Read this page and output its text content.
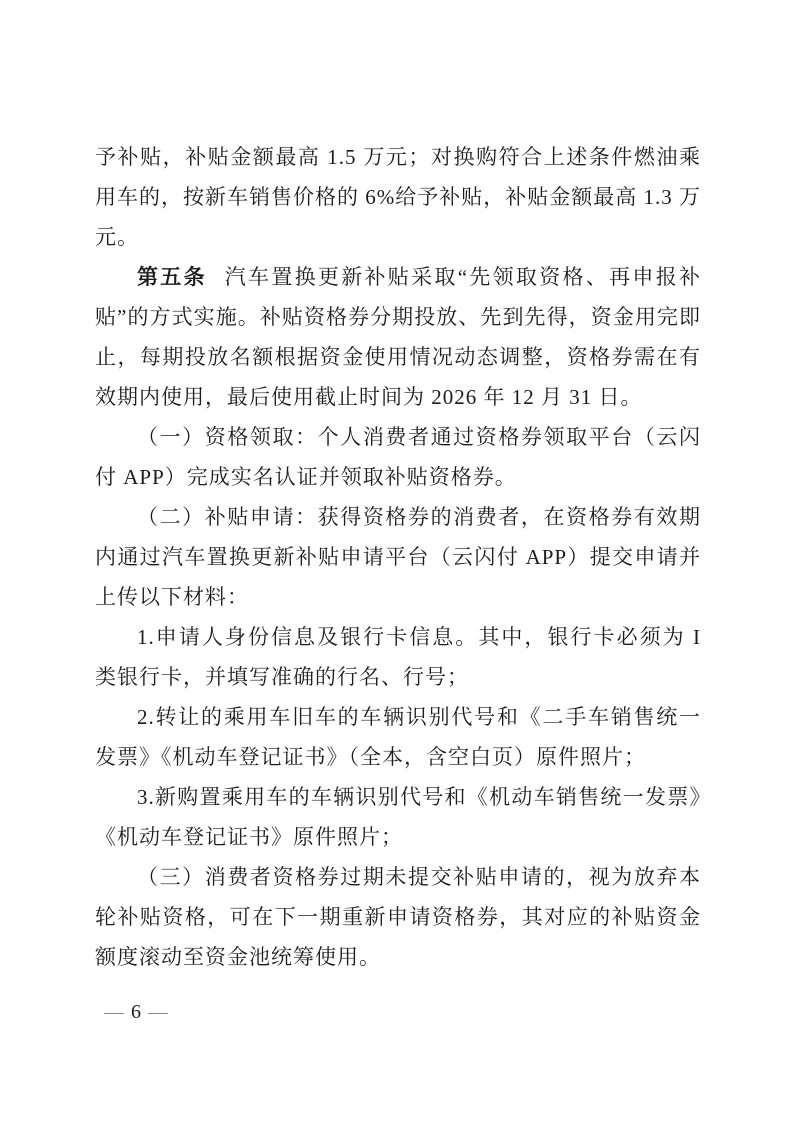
予补贴，补贴金额最高 1.5 万元；对换购符合上述条件燃油乘用车的，按新车销售价格的 6%给予补贴，补贴金额最高 1.3 万元。

第五条 汽车置换更新补贴采取“先领取资格、再申报补贴”的方式实施。补贴资格券分期投放、先到先得，资金用完即止，每期投放名额根据资金使用情况动态调整，资格券需在有效期内使用，最后使用截止时间为 2026 年 12 月 31 日。

（一）资格领取：个人消费者通过资格券领取平台（云闪付 APP）完成实名认证并领取补贴资格券。

（二）补贴申请：获得资格券的消费者，在资格券有效期内通过汽车置换更新补贴申请平台（云闪付 APP）提交申请并上传以下材料：

1.申请人身份信息及银行卡信息。其中，银行卡必须为 I 类银行卡，并填写准确的行名、行号；

2.转让的乘用车旧车的车辆识别代号和《二手车销售统一发票》《机动车登记证书》（全本，含空白页）原件照片；

3.新购置乘用车的车辆识别代号和《机动车销售统一发票》《机动车登记证书》原件照片；

（三）消费者资格券过期未提交补贴申请的，视为放弃本轮补贴资格，可在下一期重新申请资格券，其对应的补贴资金额度滚动至资金池统筹使用。

— 6 —
